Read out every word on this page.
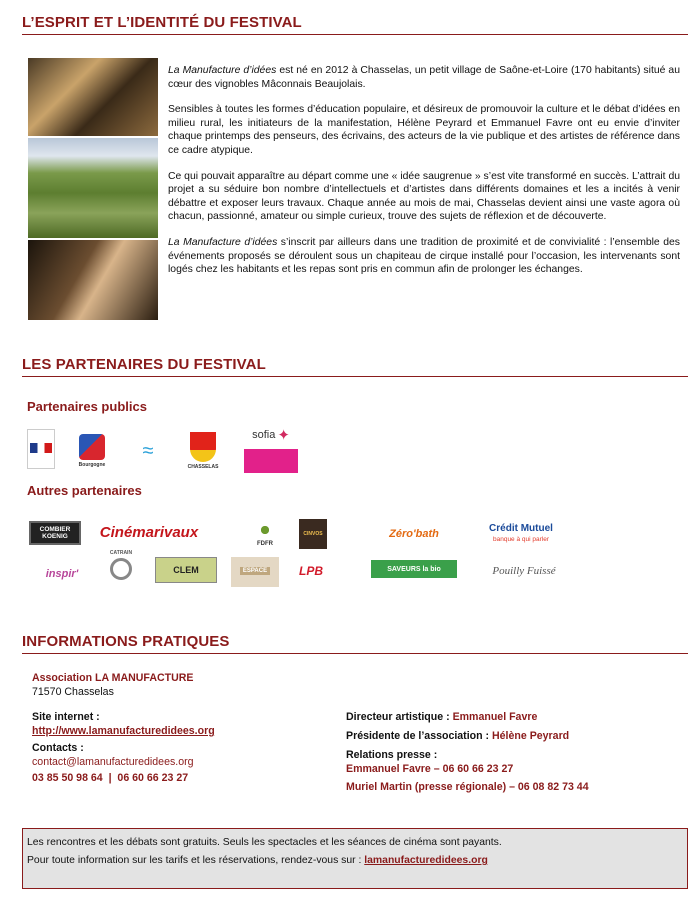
L’ESPRIT ET L’IDENTITÉ DU FESTIVAL

La Manufacture d’idées est né en 2012 à Chasselas, un petit village de Saône-et-Loire (170 habitants) situé au cœur des vignobles Mâconnais Beaujolais.

Sensibles à toutes les formes d’éducation populaire, et désireux de promouvoir la culture et le débat d’idées en milieu rural, les initiateurs de la manifestation, Hélène Peyrard et Emmanuel Favre ont eu envie d’inviter chaque printemps des penseurs, des écrivains, des acteurs de la vie publique et des artistes de référence dans ce cadre atypique.

Ce qui pouvait apparaître au départ comme une « idée saugrenue » s’est vite transformé en succès. L’attrait du projet a su séduire bon nombre d’intellectuels et d’artistes dans différents domaines et les a incités à venir débattre et exposer leurs travaux. Chaque année au mois de mai, Chasselas devient ainsi une vaste agora où chacun, passionné, amateur ou simple curieux, trouve des sujets de réflexion et de découverte.

La Manufacture d’idées s’inscrit par ailleurs dans une tradition de proximité et de convivialité : l’ensemble des événements proposés se déroulent sous un chapiteau de cirque installé pour l’occasion, les intervenants sont logés chez les habitants et les repas sont pris en commun afin de prolonger les échanges.

LES PARTENAIRES DU FESTIVAL
Partenaires publics
Bourgogne
≈
CHASSELAS
sofia ✦
Autres partenaires
COMBIER KOENIG	Cinémarivaux
FDFR
CINVOS	Zéro'bath	Crédit Mutuel
banque à qui parler
inspir'
CATRAIN
CLEM	ESPACE	LPB	SAVEURS la bio	Pouilly Fuissé
INFORMATIONS PRATIQUES
Association LA MANUFACTURE
71570 Chasselas
Site internet :
http://www.lamanufacturedidees.org
Contacts :
contact@lamanufacturedidees.org
03 85 50 98 64  |  06 60 66 23 27
Directeur artistique : Emmanuel Favre
Présidente de l’association : Hélène Peyrard
Relations presse :
Emmanuel Favre – 06 60 66 23 27
Muriel Martin (presse régionale) – 06 08 82 73 44
Les rencontres et les débats sont gratuits. Seuls les spectacles et les séances de cinéma sont payants.
Pour toute information sur les tarifs et les réservations, rendez-vous sur : lamanufacturedidees.org
